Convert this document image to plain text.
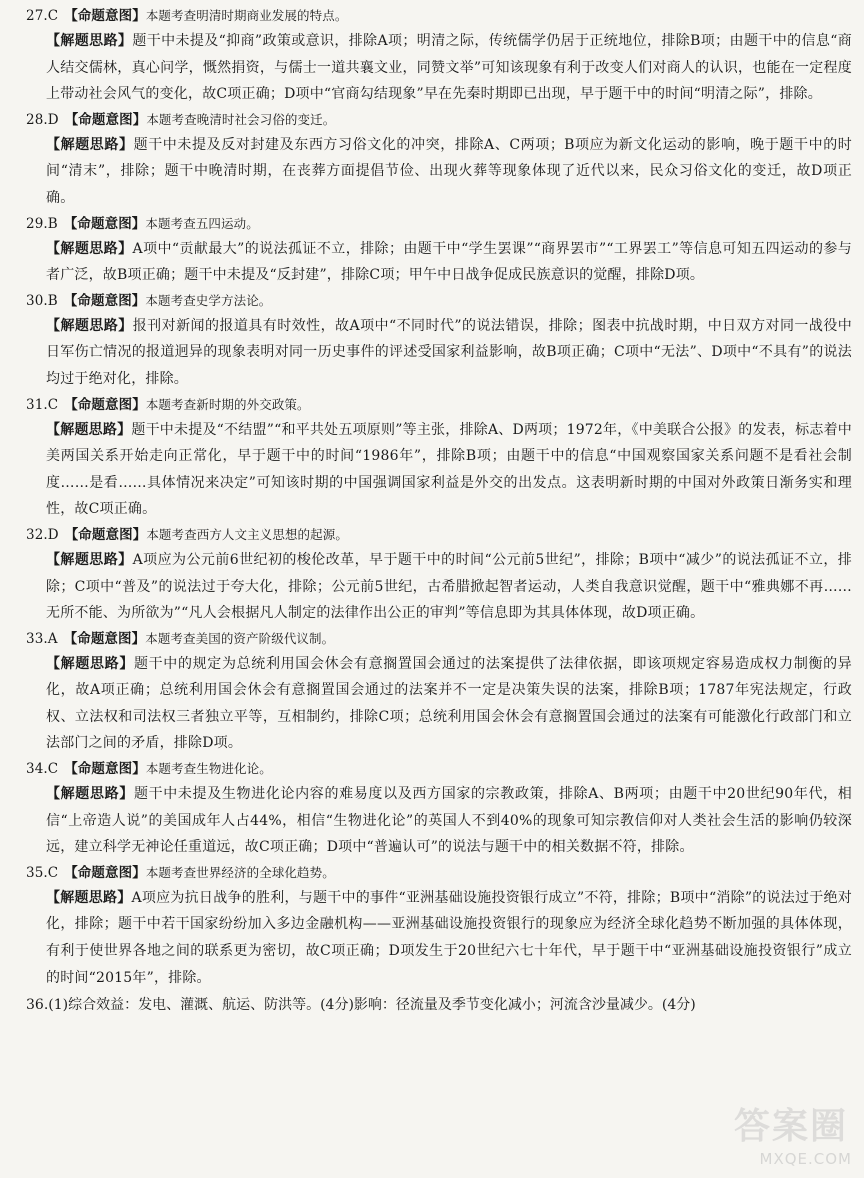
27.C 【命题意图】本题考查明清时期商业发展的特点。

【解题思路】题干中未提及“抑商”政策或意识，排除A项；明清之际，传统儒学仍居于正统地位，排除B项；由题干中的信息“商人结交儒林，真心问学，慨然捐资，与儒士一道共襄文业，同赞文举”可知该现象有利于改变人们对商人的认识，也能在一定程度上带动社会风气的变化，故C项正确；D项中“官商勾结现象”早在先秦时期即已出现，早于题干中的时间“明清之际”，排除。

28.D 【命题意图】本题考查晚清时社会习俗的变迁。

【解题思路】题干中未提及反对封建及东西方习俗文化的冲突，排除A、C两项；B项应为新文化运动的影响，晚于题干中的时间“清末”，排除；题干中晚清时期，在丧葬方面提倡节俭、出现火葬等现象体现了近代以来，民众习俗文化的变迁，故D项正确。

29.B 【命题意图】本题考查五四运动。

【解题思路】A项中“贡献最大”的说法孤证不立，排除；由题干中“学生罢课”“商界罢市”“工界罢工”等信息可知五四运动的参与者广泛，故B项正确；题干中未提及“反封建”，排除C项；甲午中日战争促成民族意识的觉醒，排除D项。

30.B 【命题意图】本题考查史学方法论。

【解题思路】报刊对新闻的报道具有时效性，故A项中“不同时代”的说法错误，排除；图表中抗战时期，中日双方对同一战役中日军伤亡情况的报道迥异的现象表明对同一历史事件的评述受国家利益影响，故B项正确；C项中“无法”、D项中“不具有”的说法均过于绝对化，排除。

31.C 【命题意图】本题考查新时期的外交政策。

【解题思路】题干中未提及“不结盟”“和平共处五项原则”等主张，排除A、D两项；1972年，《中美联合公报》的发表，标志着中美两国关系开始走向正常化，早于题干中的时间“1986年”，排除B项；由题干中的信息“中国观察国家关系问题不是看社会制度……是看……具体情况来决定”可知该时期的中国强调国家利益是外交的出发点。这表明新时期的中国对外政策日渐务实和理性，故C项正确。

32.D 【命题意图】本题考查西方人文主义思想的起源。

【解题思路】A项应为公元前6世纪初的梭伦改革，早于题干中的时间“公元前5世纪”，排除；B项中“减少”的说法孤证不立，排除；C项中“普及”的说法过于夸大化，排除；公元前5世纪，古希腊掀起智者运动，人类自我意识觉醒，题干中“雅典娜不再……无所不能、为所欲为”“凡人会根据凡人制定的法律作出公正的审判”等信息即为其具体体现，故D项正确。

33.A 【命题意图】本题考查美国的资产阶级代议制。

【解题思路】题干中的规定为总统利用国会休会有意搁置国会通过的法案提供了法律依据，即该项规定容易造成权力制衡的异化，故A项正确；总统利用国会休会有意搁置国会通过的法案并不一定是决策失误的法案，排除B项；1787年宪法规定，行政权、立法权和司法权三者独立平等，互相制约，排除C项；总统利用国会休会有意搁置国会通过的法案有可能激化行政部门和立法部门之间的矛盾，排除D项。

34.C 【命题意图】本题考查生物进化论。

【解题思路】题干中未提及生物进化论内容的难易度以及西方国家的宗教政策，排除A、B两项；由题干中20世纪90年代，相信“上帝造人说”的美国成年人占44%，相信“生物进化论”的英国人不到40%的现象可知宗教信仰对人类社会生活的影响仍较深远，建立科学无神论任重道远，故C项正确；D项中“普遍认可”的说法与题干中的相关数据不符，排除。

35.C 【命题意图】本题考查世界经济的全球化趋势。

【解题思路】A项应为抗日战争的胜利，与题干中的事件“亚洲基础设施投资银行成立”不符，排除；B项中“消除”的说法过于绝对化，排除；题干中若干国家纷纷加入多边金融机构——亚洲基础设施投资银行的现象应为经济全球化趋势不断加强的具体体现，有利于使世界各地之间的联系更为密切，故C项正确；D项发生于20世纪六七十年代，早于题干中“亚洲基础设施投资银行”成立的时间“2015年”，排除。

36.(1)综合效益：发电、灌溉、航运、防洪等。(4分)影响：径流量及季节变化减小；河流含沙量减少。(4分)
答案圈
MXQE.COM
